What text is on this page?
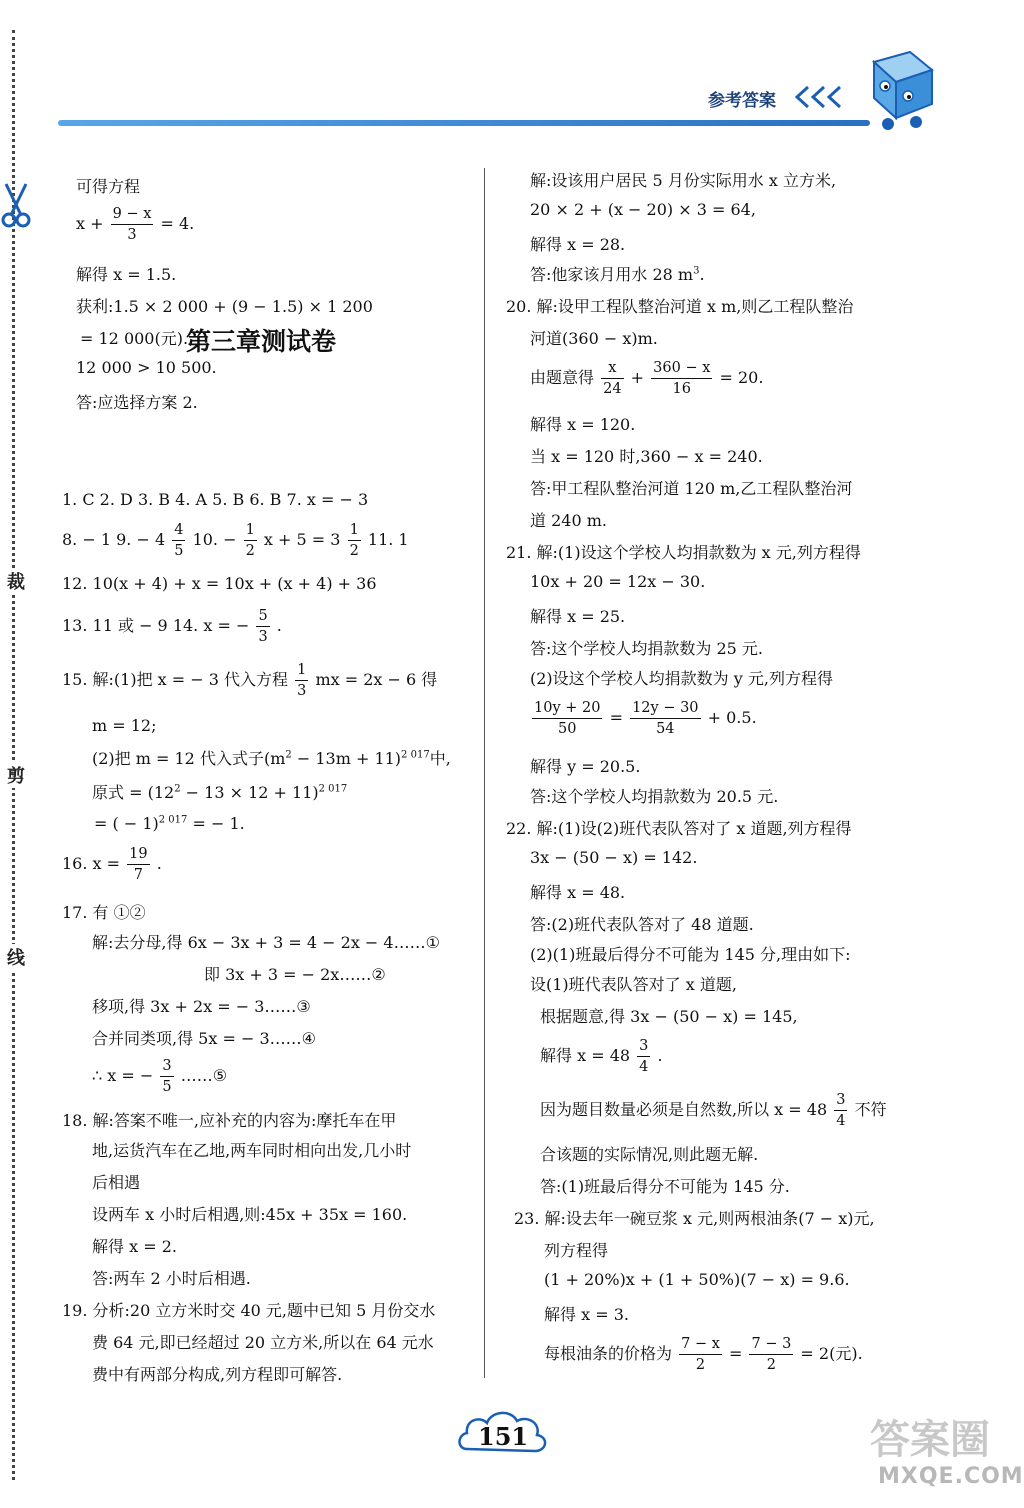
裁
剪
线
参考答案
可得方程
$x + \frac{9 - x}{3} = 4$.
解得 x = 1.5.
获利:1.5 × 2 000 + (9 − 1.5) × 1 200
= 12 000(元).
12 000 > 10 500.
答:应选择方案 2.
第三章测试卷
1. C 2. D 3. B 4. A 5. B 6. B 7. x = − 3
8. − 1 9. − $4 \frac{4}{5} 10$. − $\frac{1}{2}$ $x + 5 = 3 \frac{1}{2} 11$. 1
12. 10(x + 4) + x = 10x + (x + 4) + 36
13. 11 或 − 9 14. x = − $\frac{5}{3}$ .
15. 解:(1)把 x = − 3 代入方程 $\frac{1}{3}$ mx = 2x − 6 得
m = 12;
(2)把 m = 12 代入式子$(m^2 - 13m + 11)^{2 017}$中,
原式 = $(12^2 - 13 \times 12 + 11)^{2 017}$
= ( − 1)$^{2 017}$ = − 1.
16. $x = \frac{19}{7}$ .
17. 有 ①②
解:去分母,得 6x − 3x + 3 = 4 − 2x − 4……①
即 3x + 3 = − 2x……②
移项,得 3x + 2x = − 3……③
合并同类项,得 5x = − 3……④
∴ x = − $\frac{3}{5}$ ……⑤
18. 解:答案不唯一,应补充的内容为:摩托车在甲
地,运货汽车在乙地,两车同时相向出发,几小时
后相遇
设两车 x 小时后相遇,则:45x + 35x = 160.
解得 x = 2.
答:两车 2 小时后相遇.
19. 分析:20 立方米时交 40 元,题中已知 5 月份交水
费 64 元,即已经超过 20 立方米,所以在 64 元水
费中有两部分构成,列方程即可解答.
解:设该用户居民 5 月份实际用水 x 立方米,
20 × 2 + (x − 20) × 3 = 64,
解得 x = 28.
答:他家该月用水 28 $m^3$.
20. 解:设甲工程队整治河道 x m,则乙工程队整治
河道(360 − x)m.
由题意得 $\frac{x}{24} + \frac{360 - x}{16} = 20$.
解得 x = 120.
当 x = 120 时,360 − x = 240.
答:甲工程队整治河道 120 m,乙工程队整治河
道 240 m.
21. 解:(1)设这个学校人均捐款数为 x 元,列方程得
10x + 20 = 12x − 30.
解得 x = 25.
答:这个学校人均捐款数为 25 元.
(2)设这个学校人均捐款数为 y 元,列方程得
$\frac{10y + 20}{50} = \frac{12y - 30}{54} + 0.5$.
解得 y = 20.5.
答:这个学校人均捐款数为 20.5 元.
22. 解:(1)设(2)班代表队答对了 x 道题,列方程得
3x − (50 − x) = 142.
解得 x = 48.
答:(2)班代表队答对了 48 道题.
(2)(1)班最后得分不可能为 145 分,理由如下:
设(1)班代表队答对了 x 道题,
根据题意,得 3x − (50 − x) = 145,
解得 $x = 48 \frac{3}{4}$ .
因为题目数量必须是自然数,所以 $x = 48 \frac{3}{4}$ 不符
合该题的实际情况,则此题无解.
答:(1)班最后得分不可能为 145 分.
23. 解:设去年一碗豆浆 x 元,则两根油条(7 − x)元,
列方程得
(1 + 20%)x + (1 + 50%)(7 − x) = 9.6.
解得 x = 3.
每根油条的价格为 $\frac{7 - x}{2} = \frac{7 - 3}{2} = 2$(元).
151	答案圈
MXQE.COM
